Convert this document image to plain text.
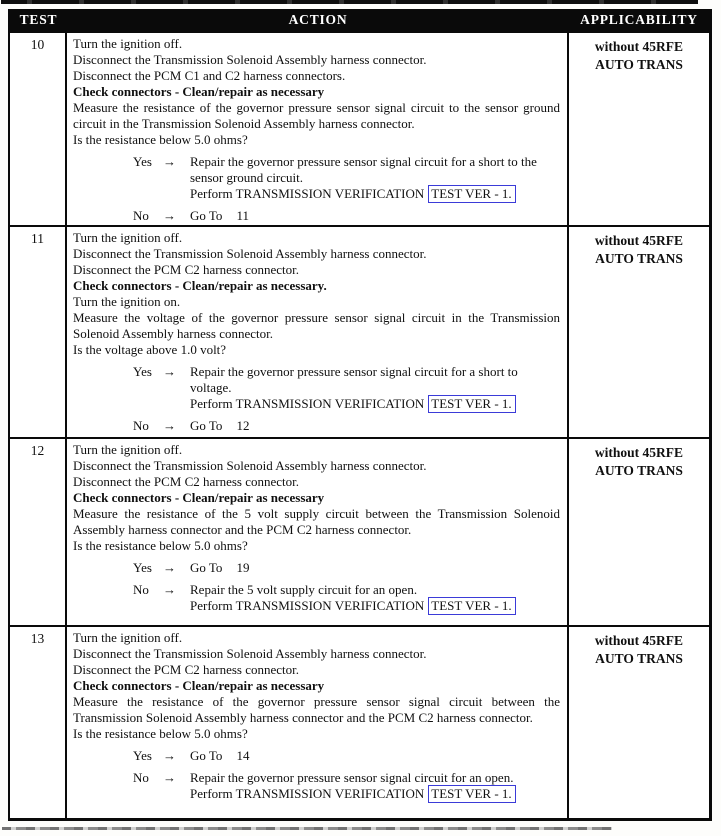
TEST	ACTION	APPLICABILITY
10	Turn the ignition off.
Disconnect the Transmission Solenoid Assembly harness connector.
Disconnect the PCM C1 and C2 harness connectors.
Check connectors - Clean/repair as necessary
Measure the resistance of the governor pressure sensor signal circuit to the sensor ground circuit in the Transmission Solenoid Assembly harness connector.
Is the resistance below 5.0 ohms?
Yes →	Repair the governor pressure sensor signal circuit for a short to the sensor ground circuit.
Perform TRANSMISSION VERIFICATION TEST VER - 1.
No	→	Go To 11
without 45RFE
AUTO TRANS
11	Turn the ignition off.
Disconnect the Transmission Solenoid Assembly harness connector.
Disconnect the PCM C2 harness connector.
Check connectors - Clean/repair as necessary.
Turn the ignition on.
Measure the voltage of the governor pressure sensor signal circuit in the Transmission Solenoid Assembly harness connector.
Is the voltage above 1.0 volt?
Yes →	Repair the governor pressure sensor signal circuit for a short to voltage.
Perform TRANSMISSION VERIFICATION TEST VER - 1.
No	→	Go To 12
without 45RFE
AUTO TRANS
12	Turn the ignition off.
Disconnect the Transmission Solenoid Assembly harness connector.
Disconnect the PCM C2 harness connector.
Check connectors - Clean/repair as necessary
Measure the resistance of the 5 volt supply circuit between the Transmission Solenoid Assembly harness connector and the PCM C2 harness connector.
Is the resistance below 5.0 ohms?
Yes →	Go To 19
No	→	Repair the 5 volt supply circuit for an open.
Perform TRANSMISSION VERIFICATION TEST VER - 1.
without 45RFE
AUTO TRANS
13	Turn the ignition off.
Disconnect the Transmission Solenoid Assembly harness connector.
Disconnect the PCM C2 harness connector.
Check connectors - Clean/repair as necessary
Measure the resistance of the governor pressure sensor signal circuit between the Transmission Solenoid Assembly harness connector and the PCM C2 harness connector.
Is the resistance below 5.0 ohms?
Yes →	Go To 14
No	→	Repair the governor pressure sensor signal circuit for an open.
Perform TRANSMISSION VERIFICATION TEST VER - 1.
without 45RFE
AUTO TRANS
